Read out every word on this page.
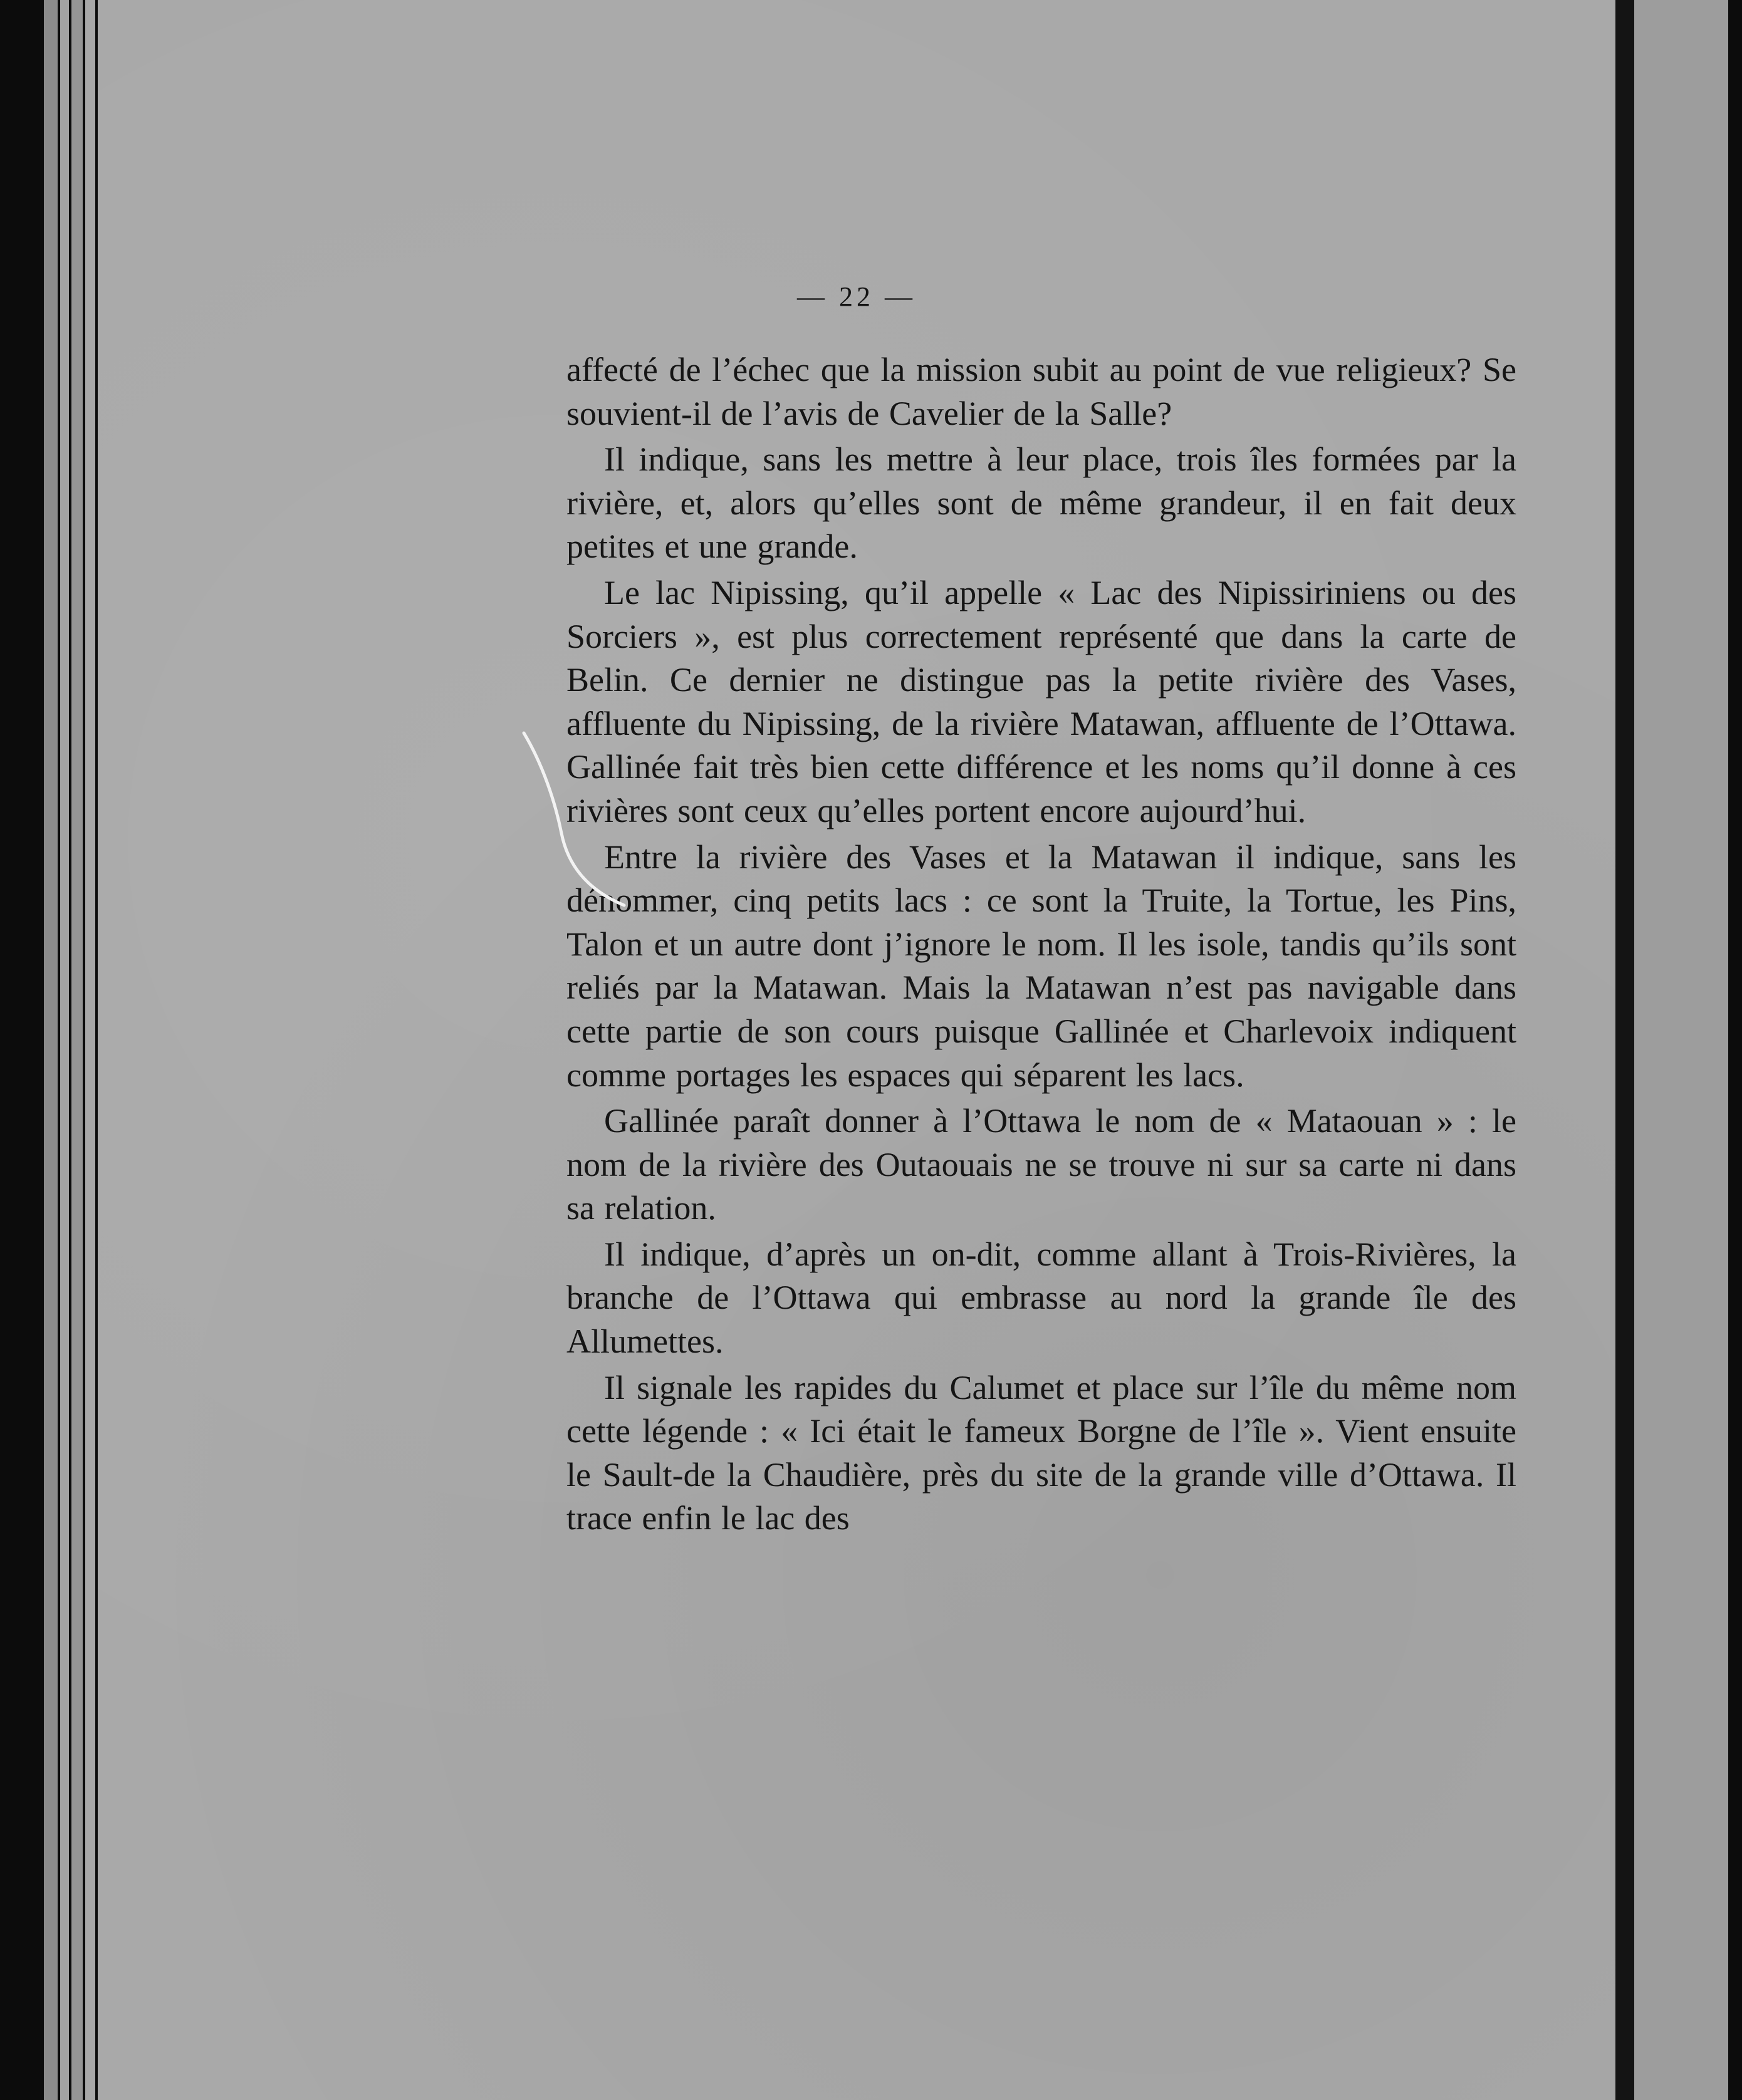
— 22 —

affecté de l’échec que la mission subit au point de vue religieux? Se souvient-il de l’avis de Cavelier de la Salle?

Il indique, sans les mettre à leur place, trois îles formées par la rivière, et, alors qu’elles sont de même grandeur, il en fait deux petites et une grande.

Le lac Nipissing, qu’il appelle « Lac des Nipissiriniens ou des Sorciers », est plus correctement représenté que dans la carte de Belin. Ce dernier ne distingue pas la petite rivière des Vases, affluente du Nipissing, de la rivière Matawan, affluente de l’Ottawa. Gallinée fait très bien cette différence et les noms qu’il donne à ces rivières sont ceux qu’elles portent encore aujourd’hui.

Entre la rivière des Vases et la Matawan il indique, sans les dénommer, cinq petits lacs : ce sont la Truite, la Tortue, les Pins, Talon et un autre dont j’ignore le nom. Il les isole, tandis qu’ils sont reliés par la Matawan. Mais la Matawan n’est pas navigable dans cette partie de son cours puisque Gallinée et Charlevoix indiquent comme portages les espaces qui séparent les lacs.

Gallinée paraît donner à l’Ottawa le nom de « Mataouan » : le nom de la rivière des Outaouais ne se trouve ni sur sa carte ni dans sa relation.

Il indique, d’après un on-dit, comme allant à Trois-Rivières, la branche de l’Ottawa qui embrasse au nord la grande île des Allumettes.

Il signale les rapides du Calumet et place sur l’île du même nom cette légende : « Ici était le fameux Borgne de l’île ». Vient ensuite le Sault-de la Chaudière, près du site de la grande ville d’Ottawa. Il trace enfin le lac des
